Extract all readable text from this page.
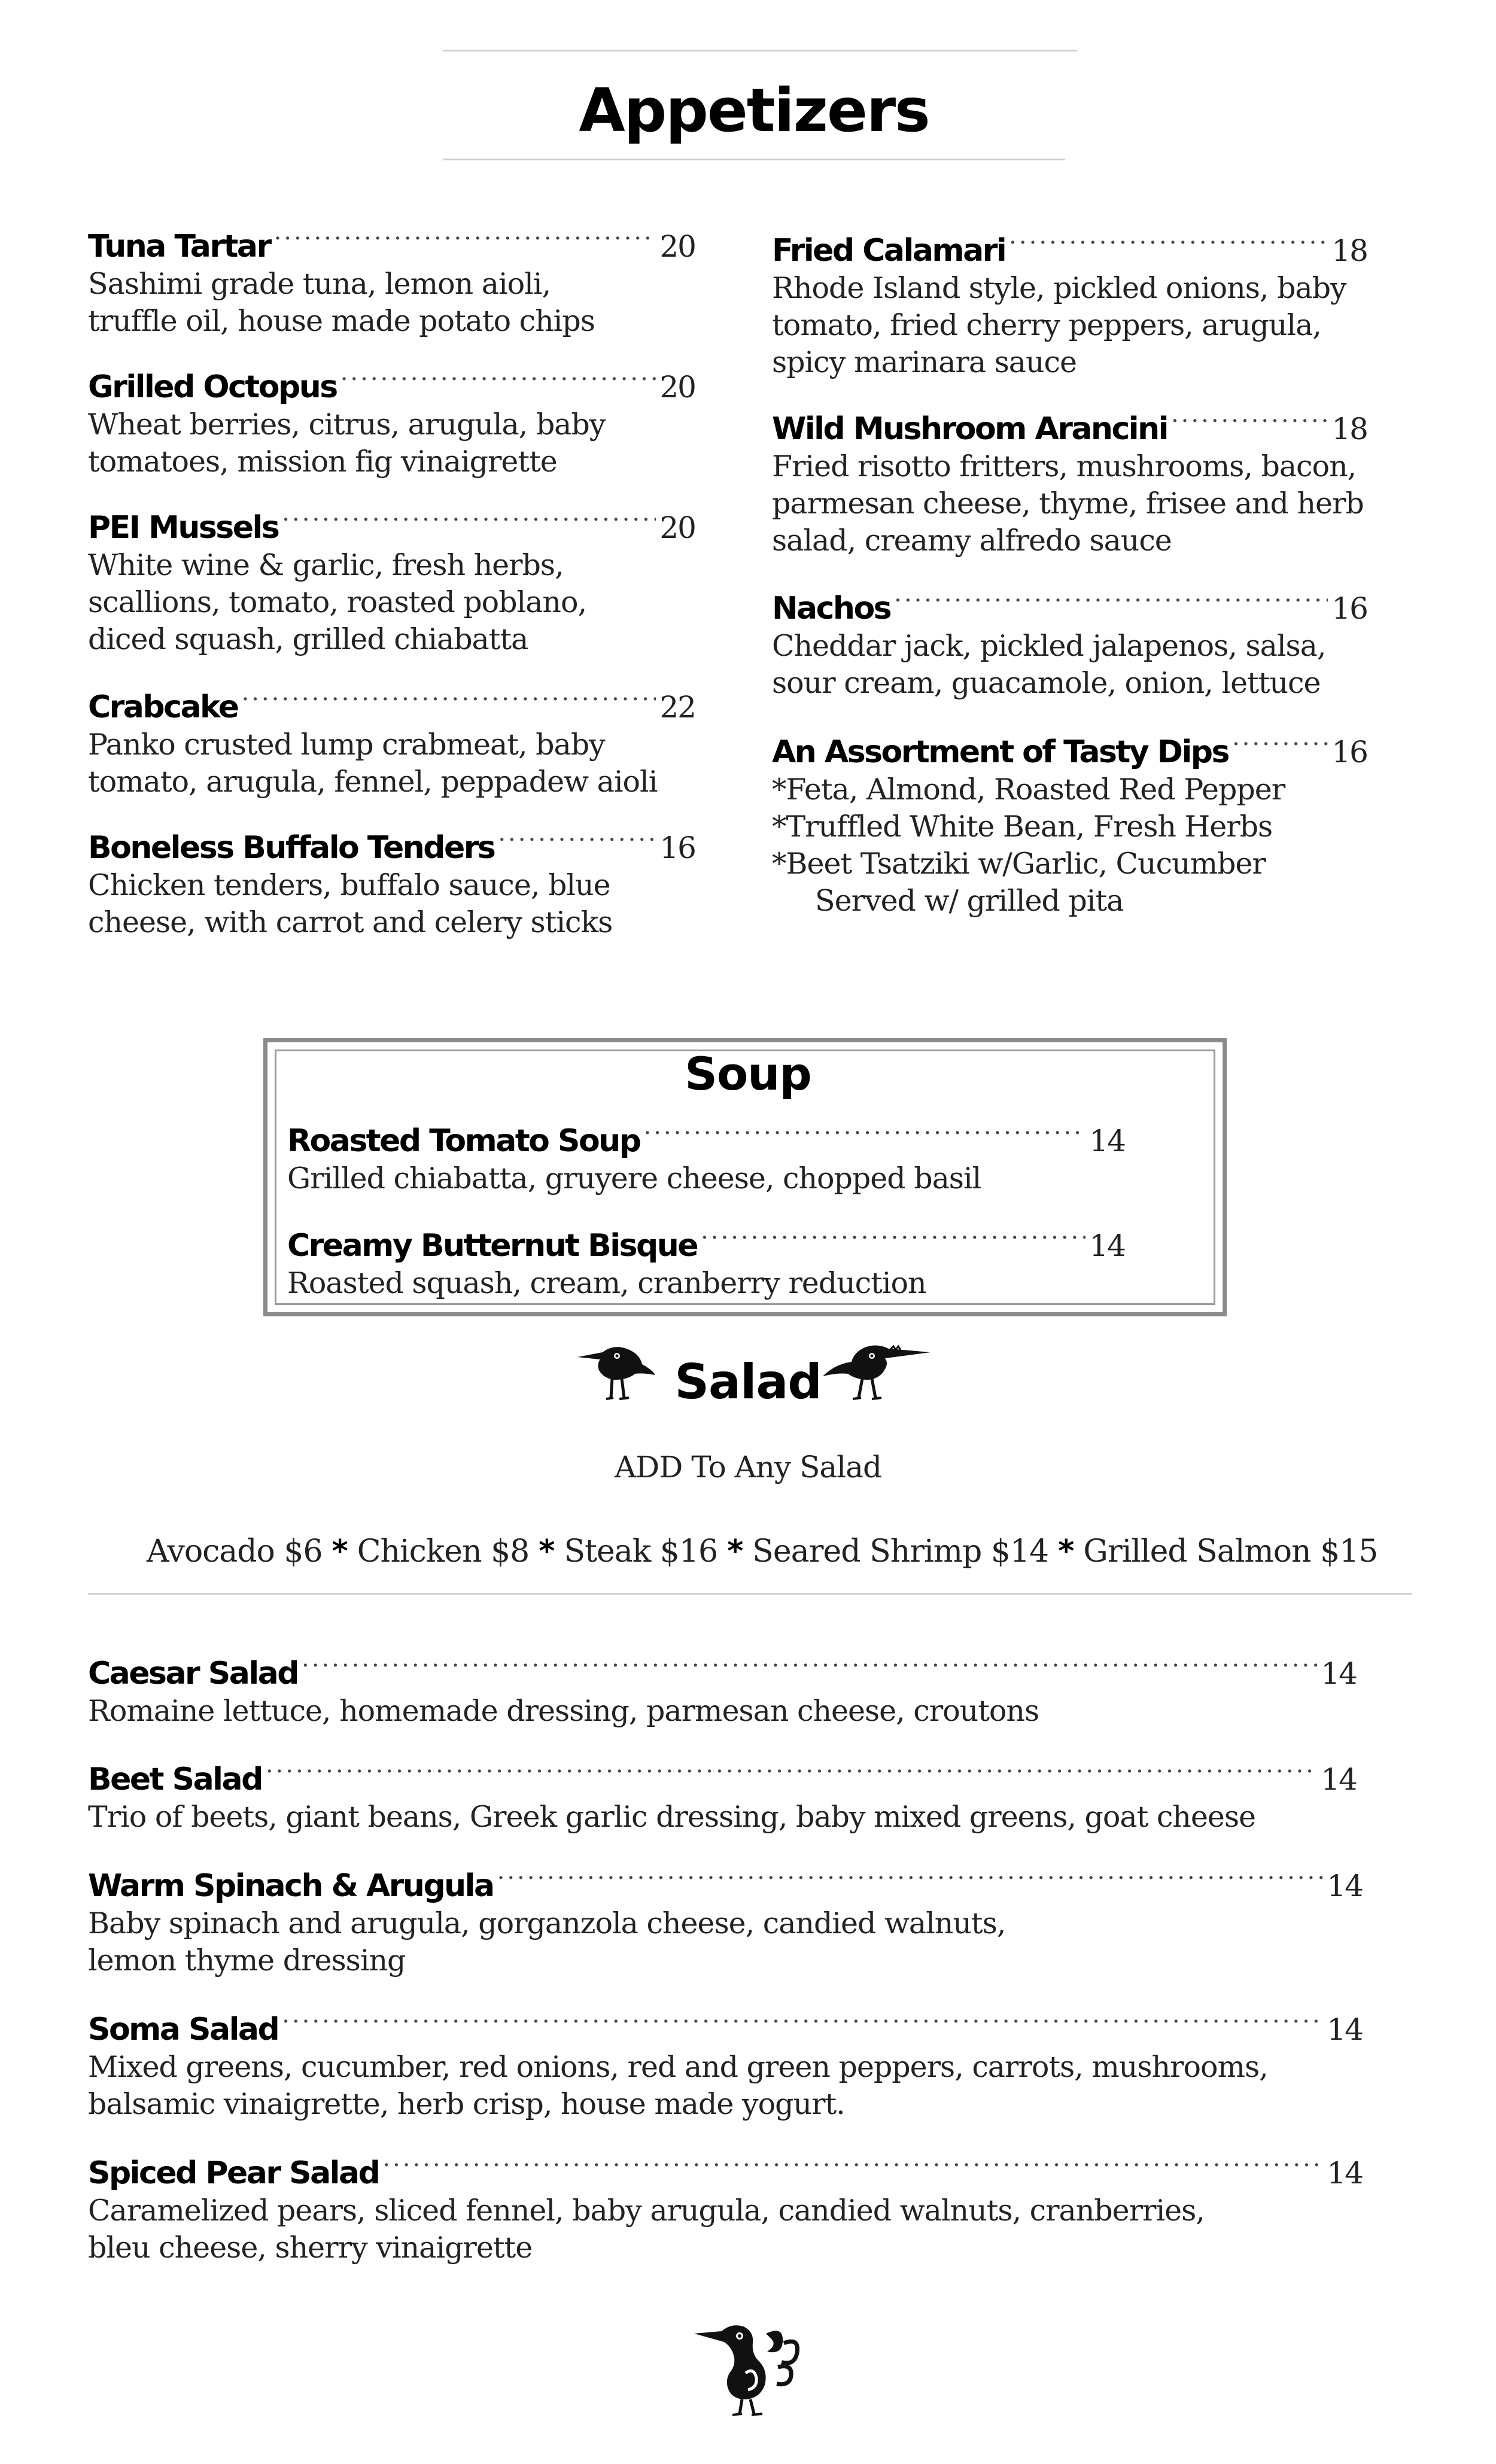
Appetizers
Tuna Tartar .....	20
Sashimi grade tuna, lemon aioli,
truffle oil, house made potato chips
Grilled Octopus .....	20
Wheat berries, citrus, arugula, baby
tomatoes, mission fig vinaigrette
PEI Mussels .....	20
White wine & garlic, fresh herbs,
scallions, tomato, roasted poblano,
diced squash, grilled chiabatta
Crabcake .....	22
Panko crusted lump crabmeat, baby
tomato, arugula, fennel, peppadew aioli
Boneless Buffalo Tenders .....	16
Chicken tenders, buffalo sauce, blue
cheese, with carrot and celery sticks
Fried Calamari .....	18
Rhode Island style, pickled onions, baby
tomato, fried cherry peppers, arugula,
spicy marinara sauce
Wild Mushroom Arancini .....	18
Fried risotto fritters, mushrooms, bacon,
parmesan cheese, thyme, frisee and herb
salad, creamy alfredo sauce
Nachos .....	16
Cheddar jack, pickled jalapenos, salsa,
sour cream, guacamole, onion, lettuce
An Assortment of Tasty Dips .....	16
*Feta, Almond, Roasted Red Pepper
*Truffled White Bean, Fresh Herbs
*Beet Tsatziki w/Garlic, Cucumber
Served w/ grilled pita
Soup
Roasted Tomato Soup .....	14
Grilled chiabatta, gruyere cheese, chopped basil
Creamy Butternut Bisque .....	14
Roasted squash, cream, cranberry reduction
Salad
ADD To Any Salad
Avocado $6 * Chicken $8 * Steak $16 * Seared Shrimp $14 * Grilled Salmon $15
Caesar Salad .....	14
Romaine lettuce, homemade dressing, parmesan cheese, croutons
Beet Salad .....	14
Trio of beets, giant beans, Greek garlic dressing, baby mixed greens, goat cheese
Warm Spinach & Arugula .....	14
Baby spinach and arugula, gorganzola cheese, candied walnuts,
lemon thyme dressing
Soma Salad .....	14
Mixed greens, cucumber, red onions, red and green peppers, carrots, mushrooms,
balsamic vinaigrette, herb crisp, house made yogurt.
Spiced Pear Salad .....	14
Caramelized pears, sliced fennel, baby arugula, candied walnuts, cranberries,
bleu cheese, sherry vinaigrette
